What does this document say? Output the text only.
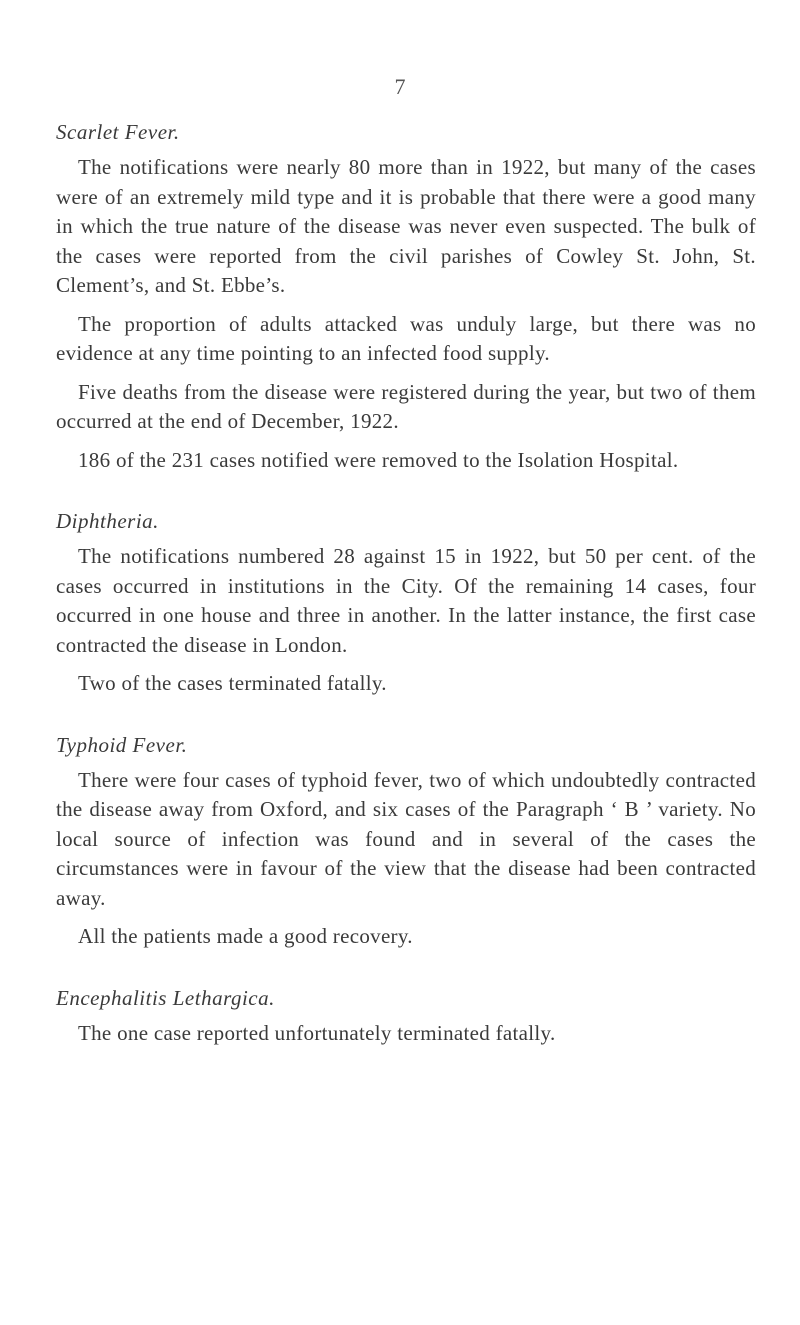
7
Scarlet Fever.

The notifications were nearly 80 more than in 1922, but many of the cases were of an extremely mild type and it is probable that there were a good many in which the true nature of the disease was never even suspected. The bulk of the cases were reported from the civil parishes of Cowley St. John, St. Clement’s, and St. Ebbe’s.

The proportion of adults attacked was unduly large, but there was no evidence at any time pointing to an infected food supply.

Five deaths from the disease were registered during the year, but two of them occurred at the end of December, 1922.

186 of the 231 cases notified were removed to the Isolation Hospital.

Diphtheria.

The notifications numbered 28 against 15 in 1922, but 50 per cent. of the cases occurred in institutions in the City. Of the remaining 14 cases, four occurred in one house and three in another. In the latter instance, the first case contracted the disease in London.

Two of the cases terminated fatally.

Typhoid Fever.

There were four cases of typhoid fever, two of which undoubtedly contracted the disease away from Oxford, and six cases of the Paragraph ‘ B ’ variety. No local source of infection was found and in several of the cases the circumstances were in favour of the view that the disease had been contracted away.

All the patients made a good recovery.

Encephalitis Lethargica.

The one case reported unfortunately terminated fatally.
